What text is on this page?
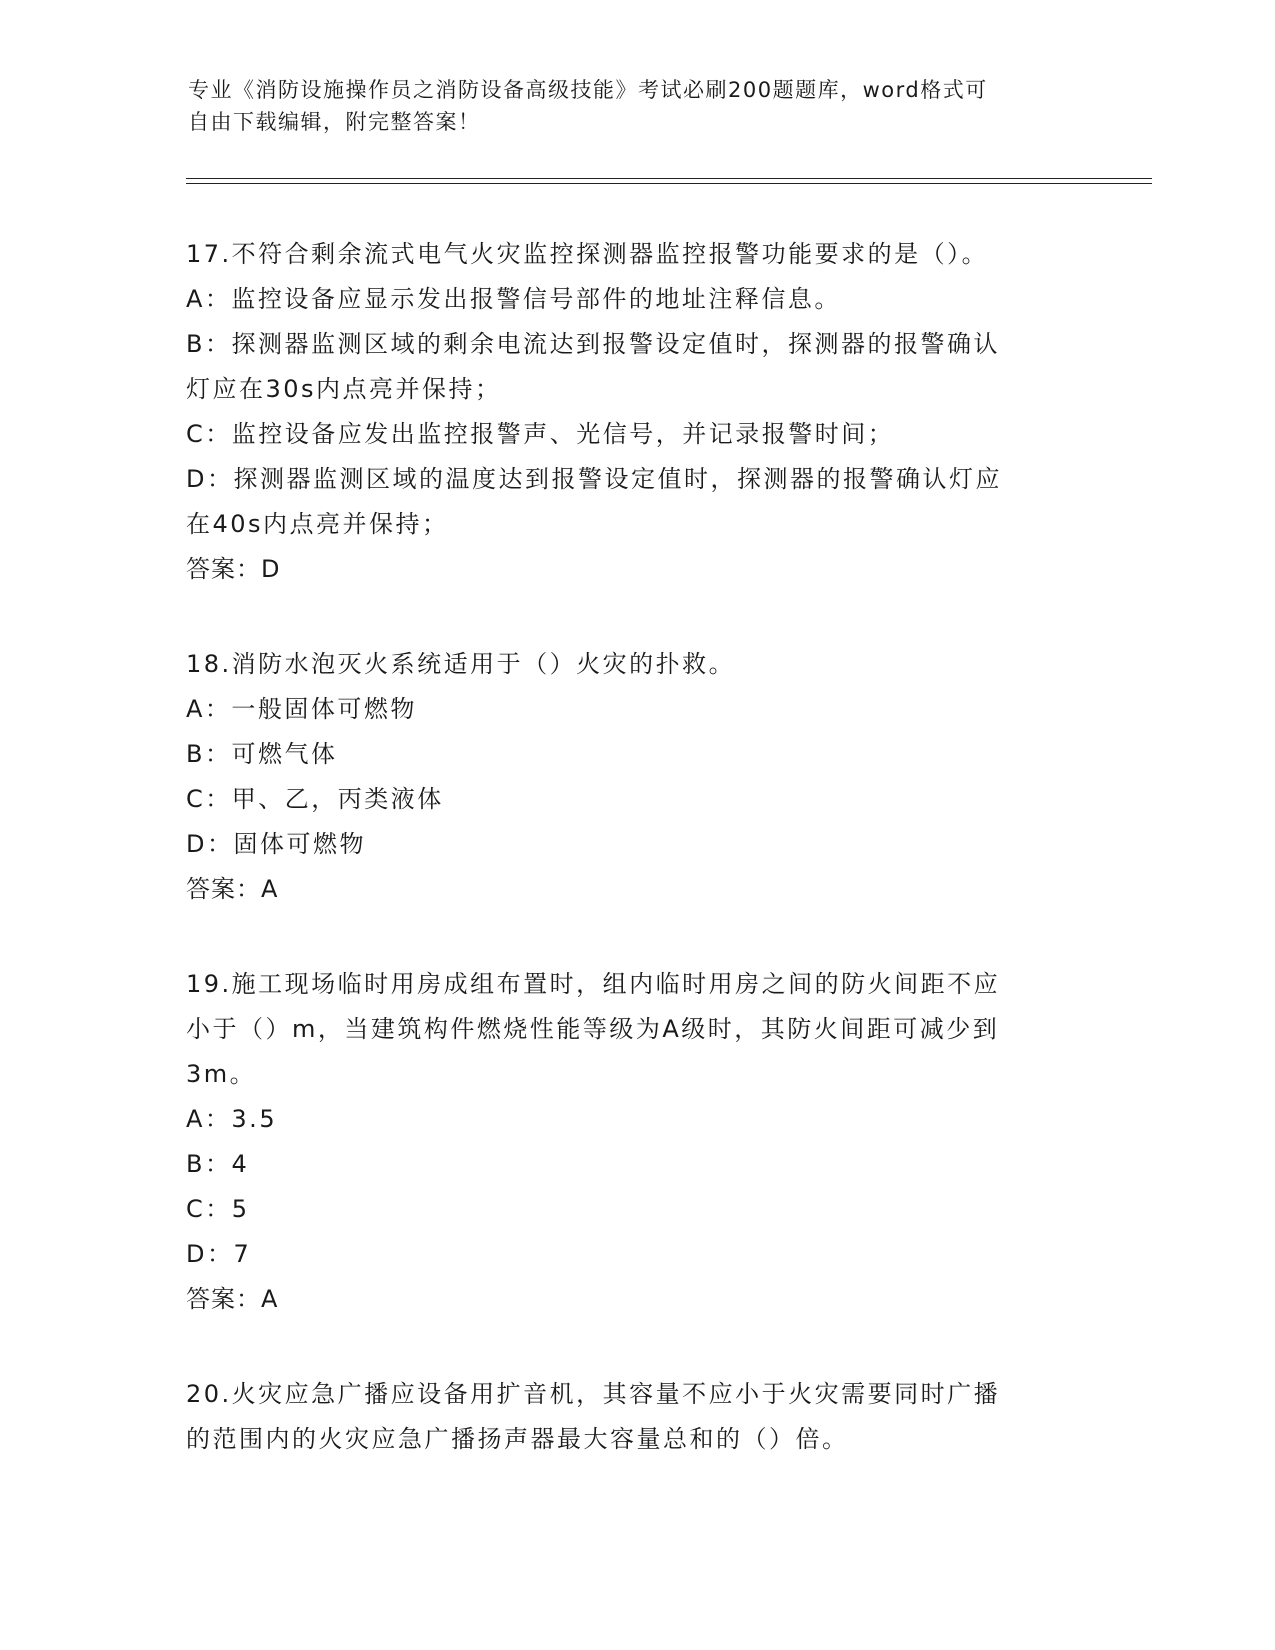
专业《消防设施操作员之消防设备高级技能》考试必刷200题题库，word格式可
自由下载编辑，附完整答案！

17.不符合剩余流式电气火灾监控探测器监控报警功能要求的是（）。

A：监控设备应显示发出报警信号部件的地址注释信息。

B：探测器监测区域的剩余电流达到报警设定值时，探测器的报警确认

灯应在30s内点亮并保持；

C：监控设备应发出监控报警声、光信号，并记录报警时间；

D：探测器监测区域的温度达到报警设定值时，探测器的报警确认灯应

在40s内点亮并保持；

答案：D

18.消防水泡灭火系统适用于（）火灾的扑救。

A：一般固体可燃物

B：可燃气体

C：甲、乙，丙类液体

D：固体可燃物

答案：A

19.施工现场临时用房成组布置时，组内临时用房之间的防火间距不应

小于（）m，当建筑构件燃烧性能等级为A级时，其防火间距可减少到

3m。

A：3.5

B：4

C：5

D：7

答案：A

20.火灾应急广播应设备用扩音机，其容量不应小于火灾需要同时广播

的范围内的火灾应急广播扬声器最大容量总和的（）倍。
